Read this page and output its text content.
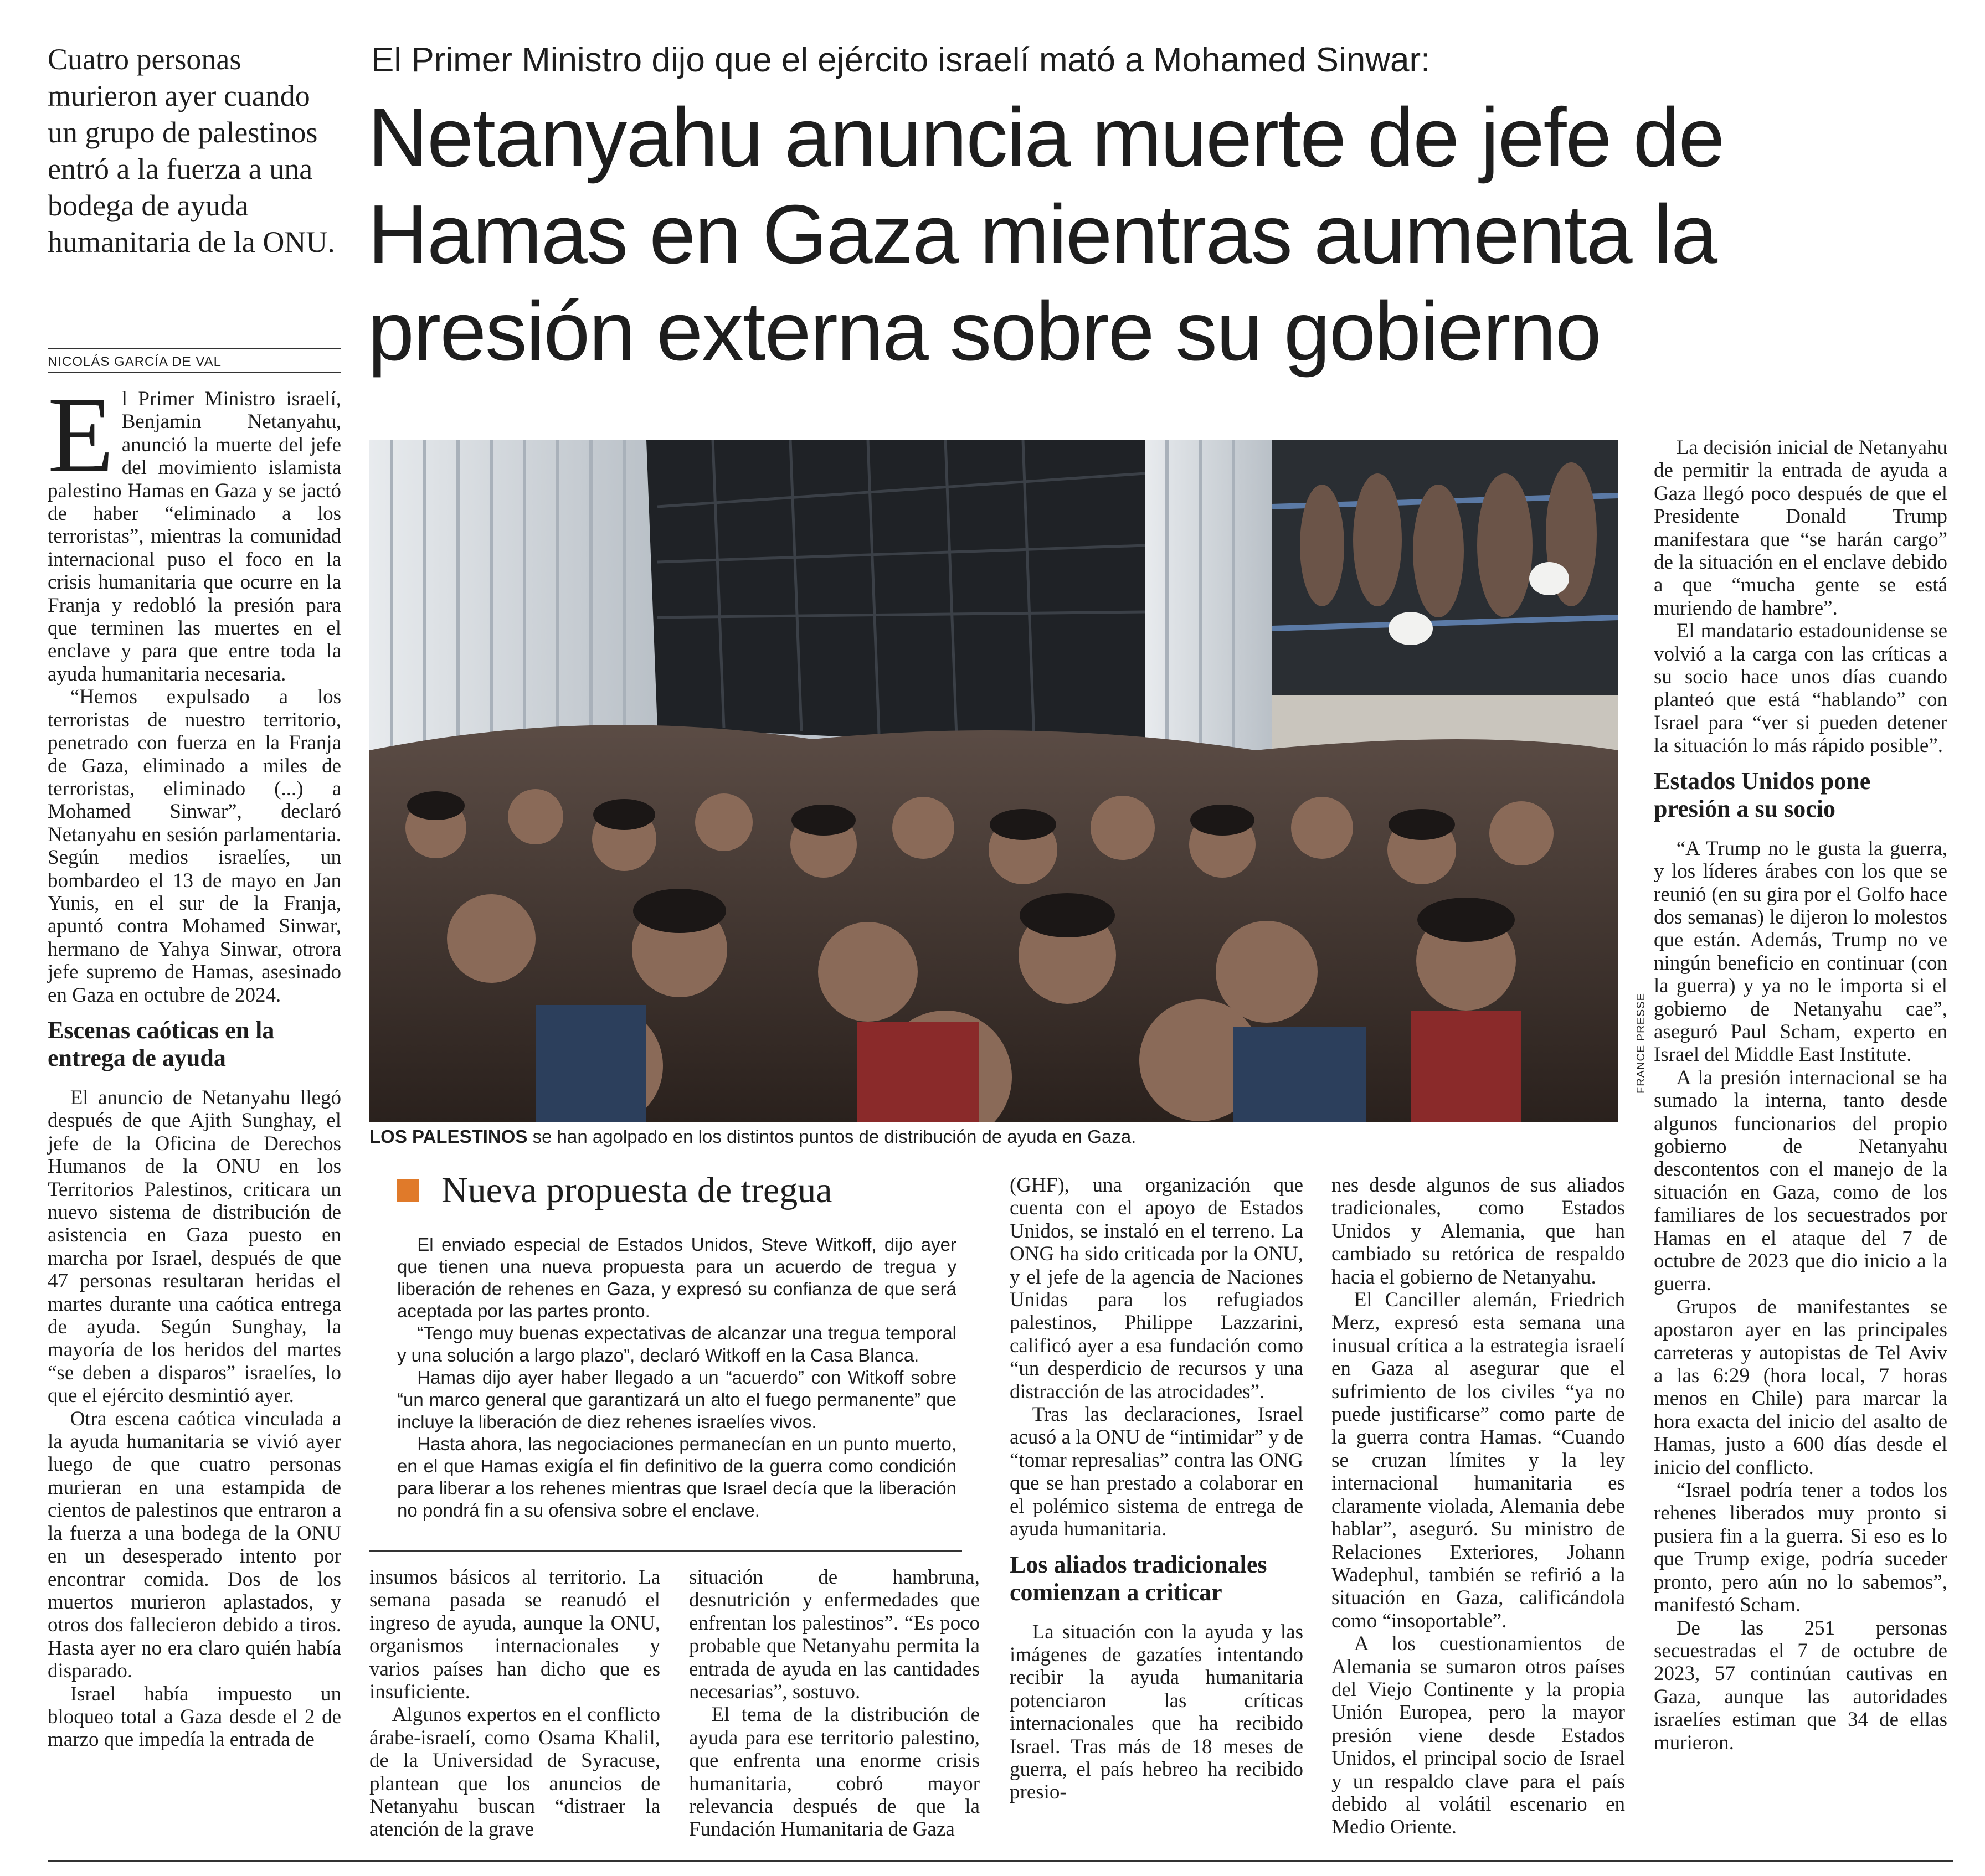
Cuatro personas murieron ayer cuando un grupo de palestinos entró a la fuerza a una bodega de ayuda humanitaria de la ONU.
NICOLÁS GARCÍA DE VAL
El Primer Ministro dijo que el ejército israelí mató a Mohamed Sinwar:
Netanyahu anuncia muerte de jefe de Hamas en Gaza mientras aumenta la presión externa sobre su gobierno
FRANCE PRESSE
LOS PALESTINOS se han agolpado en los distintos puntos de distribución de ayuda en Gaza.

El Primer Ministro israelí, Benjamin Netanyahu, anunció la muerte del jefe del movimiento islamista palestino Hamas en Gaza y se jactó de haber “eliminado a los terroristas”, mientras la comunidad internacional puso el foco en la crisis humanitaria que ocurre en la Franja y redobló la presión para que terminen las muertes en el enclave y para que entre toda la ayuda humanitaria necesaria.

“Hemos expulsado a los terroristas de nuestro territorio, penetrado con fuerza en la Franja de Gaza, eliminado a miles de terroristas, eliminado (...) a Mohamed Sinwar”, declaró Netanyahu en sesión parlamentaria. Según medios israelíes, un bombardeo el 13 de mayo en Jan Yunis, en el sur de la Franja, apuntó contra Mohamed Sinwar, hermano de Yahya Sinwar, otrora jefe supremo de Hamas, asesinado en Gaza en octubre de 2024.

Escenas caóticas en la entrega de ayuda

El anuncio de Netanyahu llegó después de que Ajith Sunghay, el jefe de la Oficina de Derechos Humanos de la ONU en los Territorios Palestinos, criticara un nuevo sistema de distribución de asistencia en Gaza puesto en marcha por Israel, después de que 47 personas resultaran heridas el martes durante una caótica entrega de ayuda. Según Sunghay, la mayoría de los heridos del martes “se deben a disparos” israelíes, lo que el ejército desmintió ayer.

Otra escena caótica vinculada a la ayuda humanitaria se vivió ayer luego de que cuatro personas murieran en una estampida de cientos de palestinos que entraron a la fuerza a una bodega de la ONU en un desesperado intento por encontrar comida. Dos de los muertos murieron aplastados, y otros dos fallecieron debido a tiros. Hasta ayer no era claro quién había disparado.

Israel había impuesto un bloqueo total a Gaza desde el 2 de marzo que impedía la entrada de

Nueva propuesta de tregua

El enviado especial de Estados Unidos, Steve Witkoff, dijo ayer que tienen una nueva propuesta para un acuerdo de tregua y liberación de rehenes en Gaza, y expresó su confianza de que será aceptada por las partes pronto.

“Tengo muy buenas expectativas de alcanzar una tregua temporal y una solución a largo plazo”, declaró Witkoff en la Casa Blanca.

Hamas dijo ayer haber llegado a un “acuerdo” con Witkoff sobre “un marco general que garantizará un alto el fuego permanente” que incluye la liberación de diez rehenes israelíes vivos.

Hasta ahora, las negociaciones permanecían en un punto muerto, en el que Hamas exigía el fin definitivo de la guerra como condición para liberar a los rehenes mientras que Israel decía que la liberación no pondrá fin a su ofensiva sobre el enclave.

insumos básicos al territorio. La semana pasada se reanudó el ingreso de ayuda, aunque la ONU, organismos internacionales y varios países han dicho que es insuficiente.

Algunos expertos en el conflicto árabe-israelí, como Osama Khalil, de la Universidad de Syracuse, plantean que los anuncios de Netanyahu buscan “distraer la atención de la grave

situación de hambruna, desnutrición y enfermedades que enfrentan los palestinos”. “Es poco probable que Netanyahu permita la entrada de ayuda en las cantidades necesarias”, sostuvo.

El tema de la distribución de ayuda para ese territorio palestino, que enfrenta una enorme crisis humanitaria, cobró mayor relevancia después de que la Fundación Humanitaria de Gaza

(GHF), una organización que cuenta con el apoyo de Estados Unidos, se instaló en el terreno. La ONG ha sido criticada por la ONU, y el jefe de la agencia de Naciones Unidas para los refugiados palestinos, Philippe Lazzarini, calificó ayer a esa fundación como “un desperdicio de recursos y una distracción de las atrocidades”.

Tras las declaraciones, Israel acusó a la ONU de “intimidar” y de “tomar represalias” contra las ONG que se han prestado a colaborar en el polémico sistema de entrega de ayuda humanitaria.

Los aliados tradicionales comienzan a criticar

La situación con la ayuda y las imágenes de gazatíes intentando recibir la ayuda humanitaria potenciaron las críticas internacionales que ha recibido Israel. Tras más de 18 meses de guerra, el país hebreo ha recibido presio-

nes desde algunos de sus aliados tradicionales, como Estados Unidos y Alemania, que han cambiado su retórica de respaldo hacia el gobierno de Netanyahu.

El Canciller alemán, Friedrich Merz, expresó esta semana una inusual crítica a la estrategia israelí en Gaza al asegurar que el sufrimiento de los civiles “ya no puede justificarse” como parte de la guerra contra Hamas. “Cuando se cruzan límites y la ley internacional humanitaria es claramente violada, Alemania debe hablar”, aseguró. Su ministro de Relaciones Exteriores, Johann Wadephul, también se refirió a la situación en Gaza, calificándola como “insoportable”.

A los cuestionamientos de Alemania se sumaron otros países del Viejo Continente y la propia Unión Europea, pero la mayor presión viene desde Estados Unidos, el principal socio de Israel y un respaldo clave para el país debido al volátil escenario en Medio Oriente.

La decisión inicial de Netanyahu de permitir la entrada de ayuda a Gaza llegó poco después de que el Presidente Donald Trump manifestara que “se harán cargo” de la situación en el enclave debido a que “mucha gente se está muriendo de hambre”.

El mandatario estadounidense se volvió a la carga con las críticas a su socio hace unos días cuando planteó que está “hablando” con Israel para “ver si pueden detener la situación lo más rápido posible”.

Estados Unidos pone presión a su socio

“A Trump no le gusta la guerra, y los líderes árabes con los que se reunió (en su gira por el Golfo hace dos semanas) le dijeron lo molestos que están. Además, Trump no ve ningún beneficio en continuar (con la guerra) y ya no le importa si el gobierno de Netanyahu cae”, aseguró Paul Scham, experto en Israel del Middle East Institute.

A la presión internacional se ha sumado la interna, tanto desde algunos funcionarios del propio gobierno de Netanyahu descontentos con el manejo de la situación en Gaza, como de los familiares de los secuestrados por Hamas en el ataque del 7 de octubre de 2023 que dio inicio a la guerra.

Grupos de manifestantes se apostaron ayer en las principales carreteras y autopistas de Tel Aviv a las 6:29 (hora local, 7 horas menos en Chile) para marcar la hora exacta del inicio del asalto de Hamas, justo a 600 días desde el inicio del conflicto.

“Israel podría tener a todos los rehenes liberados muy pronto si pusiera fin a la guerra. Si eso es lo que Trump exige, podría suceder pronto, pero aún no lo sabemos”, manifestó Scham.

De las 251 personas secuestradas el 7 de octubre de 2023, 57 continúan cautivas en Gaza, aunque las autoridades israelíes estiman que 34 de ellas murieron.
